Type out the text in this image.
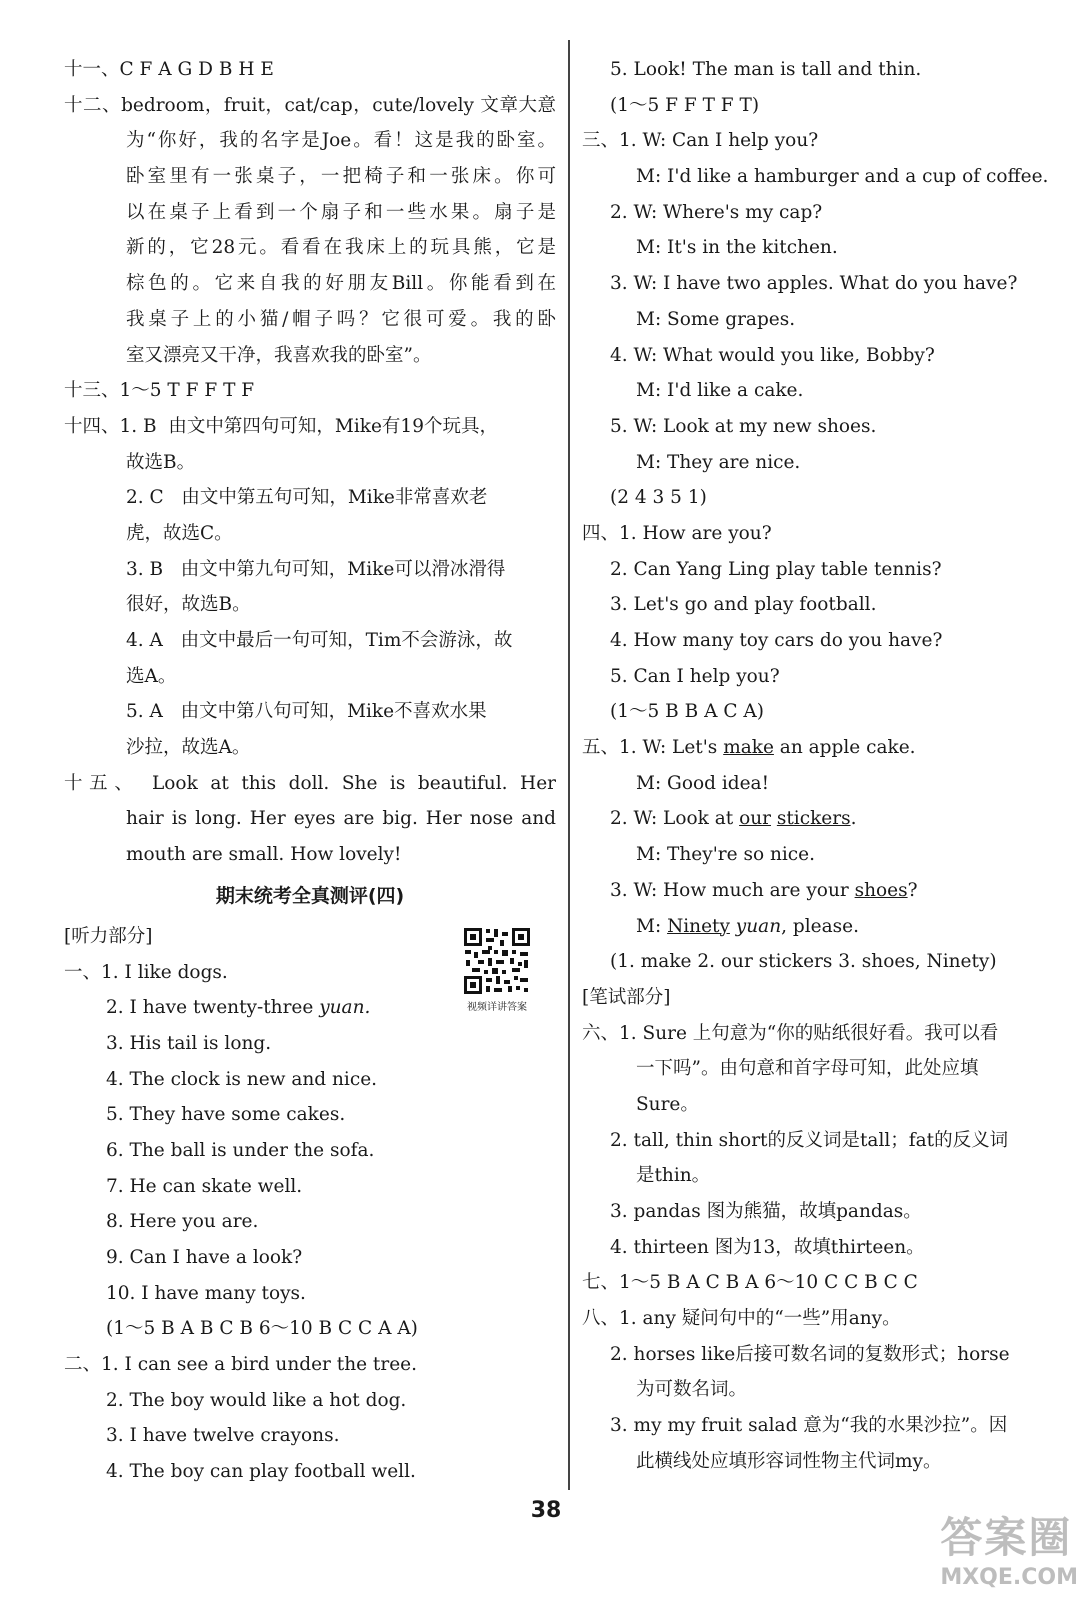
十一、C F A G D B H E
十二、bedroom，fruit，cat/cap，cute/lovely 文章大意
为“你好，我的名字是Joe。看！这是我的卧室。
卧室里有一张桌子，一把椅子和一张床。你可
以在桌子上看到一个扇子和一些水果。扇子是
新的，它28元。看看在我床上的玩具熊，它是
棕色的。它来自我的好朋友Bill。你能看到在
我桌子上的小猫/帽子吗？它很可爱。我的卧
室又漂亮又干净，我喜欢我的卧室”。
十三、1～5 T F F T F
十四、1. B 由文中第四句可知，Mike有19个玩具，
故选B。
2. C 由文中第五句可知，Mike非常喜欢老
虎，故选C。
3. B 由文中第九句可知，Mike可以滑冰滑得
很好，故选B。
4. A 由文中最后一句可知，Tim不会游泳，故
选A。
5. A 由文中第八句可知，Mike不喜欢水果
沙拉，故选A。
十五、 Look at this doll. She is beautiful. Her
hair is long. Her eyes are big. Her nose and
mouth are small. How lovely!
期末统考全真测评(四)
[听力部分]
一、1. I like dogs.
2. I have twenty-three yuan.
3. His tail is long.
4. The clock is new and nice.
5. They have some cakes.
6. The ball is under the sofa.
7. He can skate well.
8. Here you are.
9. Can I have a look?
10. I have many toys.
(1～5 B A B C B 6～10 B C C A A)
二、1. I can see a bird under the tree.
2. The boy would like a hot dog.
3. I have twelve crayons.
4. The boy can play football well.
视频详讲答案
5. Look! The man is tall and thin.
(1～5 F F T F T)
三、1. W: Can I help you?
M: I'd like a hamburger and a cup of coffee.
2. W: Where's my cap?
M: It's in the kitchen.
3. W: I have two apples. What do you have?
M: Some grapes.
4. W: What would you like, Bobby?
M: I'd like a cake.
5. W: Look at my new shoes.
M: They are nice.
(2 4 3 5 1)
四、1. How are you?
2. Can Yang Ling play table tennis?
3. Let's go and play football.
4. How many toy cars do you have?
5. Can I help you?
(1～5 B B A C A)
五、1. W: Let's make an apple cake.
M: Good idea!
2. W: Look at our stickers.
M: They're so nice.
3. W: How much are your shoes?
M: Ninety yuan, please.
(1. make 2. our stickers 3. shoes, Ninety)
[笔试部分]
六、1. Sure 上句意为“你的贴纸很好看。我可以看
一下吗”。由句意和首字母可知，此处应填
Sure。
2. tall, thin short的反义词是tall；fat的反义词
是thin。
3. pandas 图为熊猫，故填pandas。
4. thirteen 图为13，故填thirteen。
七、1～5 B A C B A 6～10 C C B C C
八、1. any 疑问句中的“一些”用any。
2. horses like后接可数名词的复数形式；horse
为可数名词。
3. my my fruit salad 意为“我的水果沙拉”。因
此横线处应填形容词性物主代词my。
38
答案圈
MXQE.COM
